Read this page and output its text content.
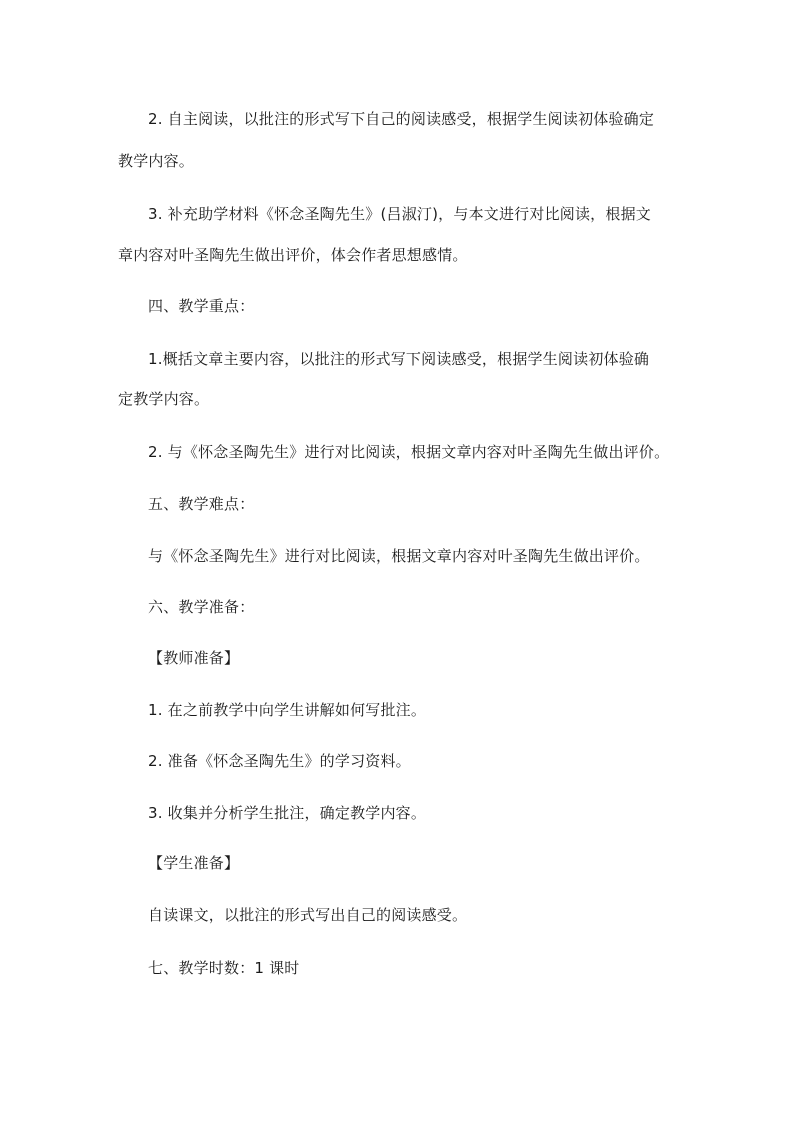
2. 自主阅读，以批注的形式写下自己的阅读感受，根据学生阅读初体验确定
教学内容。
3. 补充助学材料《怀念圣陶先生》(吕淑汀)，与本文进行对比阅读，根据文
章内容对叶圣陶先生做出评价，体会作者思想感情。
四、教学重点：
1.概括文章主要内容，以批注的形式写下阅读感受，根据学生阅读初体验确
定教学内容。
2. 与《怀念圣陶先生》进行对比阅读，根据文章内容对叶圣陶先生做出评价。
五、教学难点：
与《怀念圣陶先生》进行对比阅读，根据文章内容对叶圣陶先生做出评价。
六、教学准备：
【教师准备】
1. 在之前教学中向学生讲解如何写批注。
2. 准备《怀念圣陶先生》的学习资料。
3. 收集并分析学生批注，确定教学内容。
【学生准备】
自读课文，以批注的形式写出自己的阅读感受。
七、教学时数：1 课时
